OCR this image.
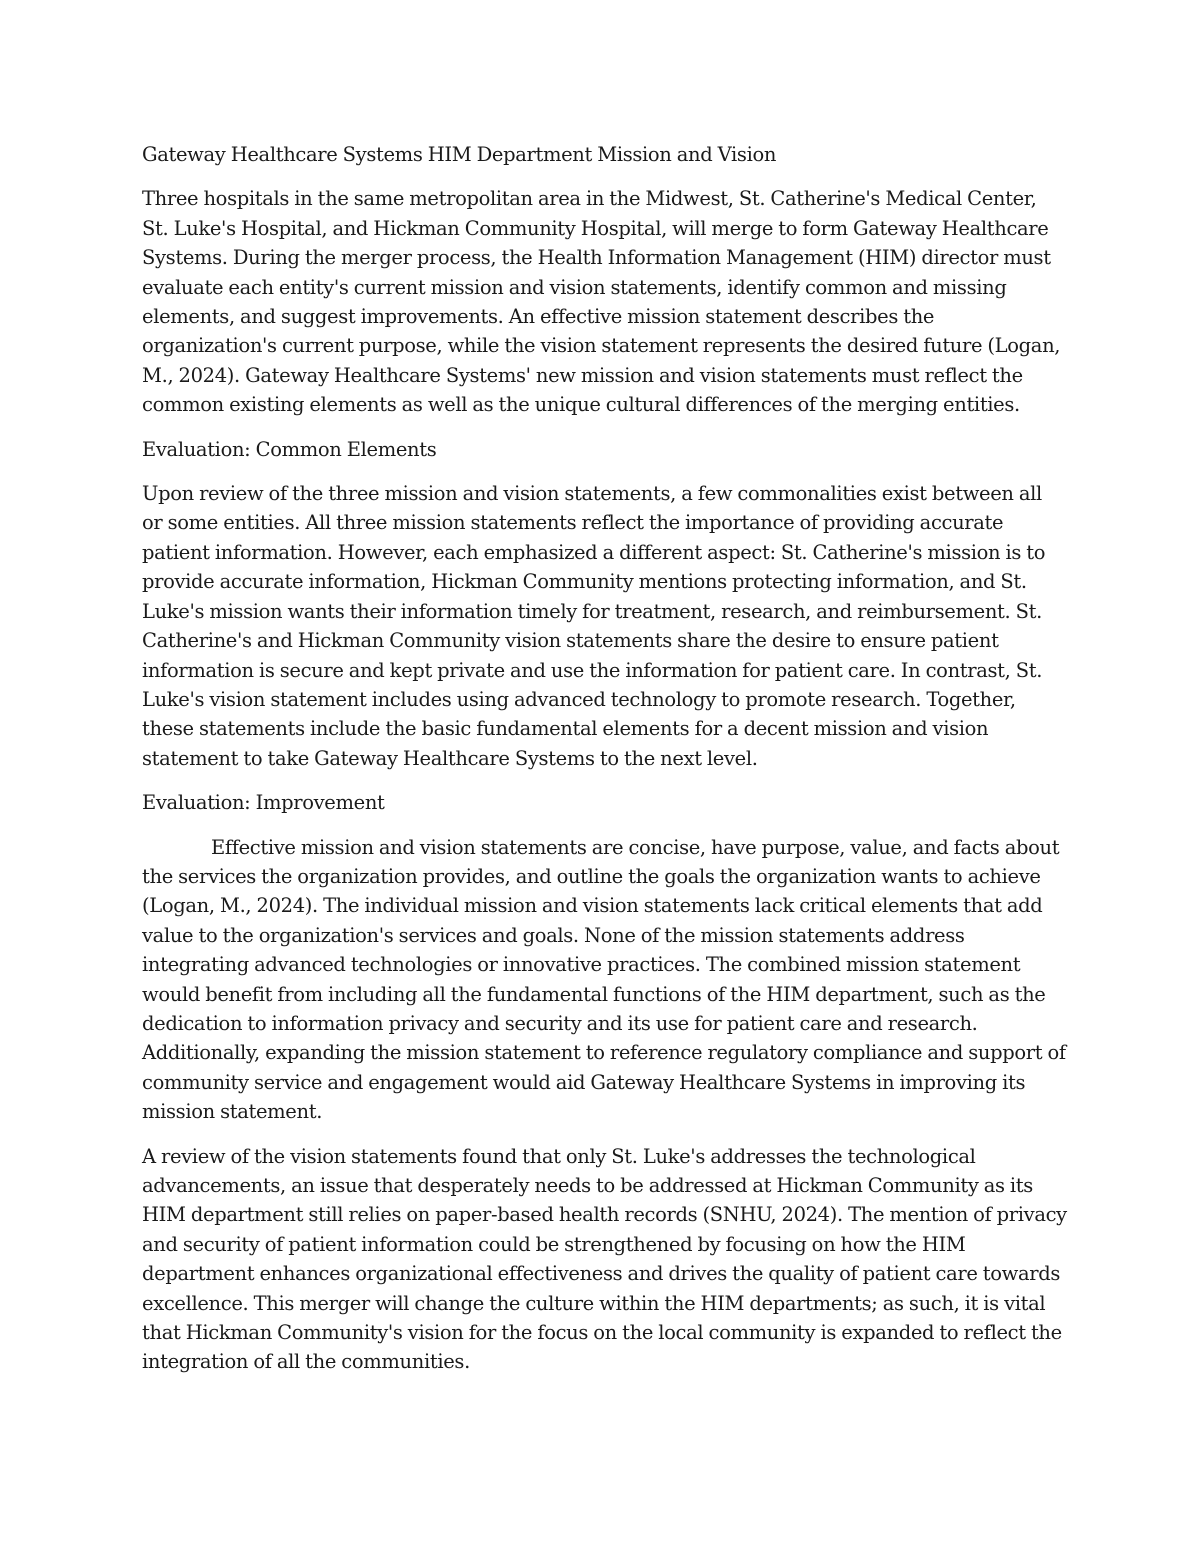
Gateway Healthcare Systems HIM Department Mission and Vision

Three hospitals in the same metropolitan area in the Midwest, St. Catherine's Medical Center, St. Luke's Hospital, and Hickman Community Hospital, will merge to form Gateway Healthcare Systems. During the merger process, the Health Information Management (HIM) director must evaluate each entity's current mission and vision statements, identify common and missing elements, and suggest improvements. An effective mission statement describes the organization's current purpose, while the vision statement represents the desired future (Logan, M., 2024). Gateway Healthcare Systems' new mission and vision statements must reflect the common existing elements as well as the unique cultural differences of the merging entities.

Evaluation: Common Elements

Upon review of the three mission and vision statements, a few commonalities exist between all or some entities. All three mission statements reflect the importance of providing accurate patient information. However, each emphasized a different aspect: St. Catherine's mission is to provide accurate information, Hickman Community mentions protecting information, and St. Luke's mission wants their information timely for treatment, research, and reimbursement. St. Catherine's and Hickman Community vision statements share the desire to ensure patient information is secure and kept private and use the information for patient care. In contrast, St. Luke's vision statement includes using advanced technology to promote research. Together, these statements include the basic fundamental elements for a decent mission and vision statement to take Gateway Healthcare Systems to the next level.

Evaluation: Improvement

Effective mission and vision statements are concise, have purpose, value, and facts about the services the organization provides, and outline the goals the organization wants to achieve (Logan, M., 2024). The individual mission and vision statements lack critical elements that add value to the organization's services and goals. None of the mission statements address integrating advanced technologies or innovative practices. The combined mission statement would benefit from including all the fundamental functions of the HIM department, such as the dedication to information privacy and security and its use for patient care and research. Additionally, expanding the mission statement to reference regulatory compliance and support of community service and engagement would aid Gateway Healthcare Systems in improving its mission statement.

A review of the vision statements found that only St. Luke's addresses the technological advancements, an issue that desperately needs to be addressed at Hickman Community as its HIM department still relies on paper-based health records (SNHU, 2024). The mention of privacy and security of patient information could be strengthened by focusing on how the HIM department enhances organizational effectiveness and drives the quality of patient care towards excellence. This merger will change the culture within the HIM departments; as such, it is vital that Hickman Community's vision for the focus on the local community is expanded to reflect the integration of all the communities.
